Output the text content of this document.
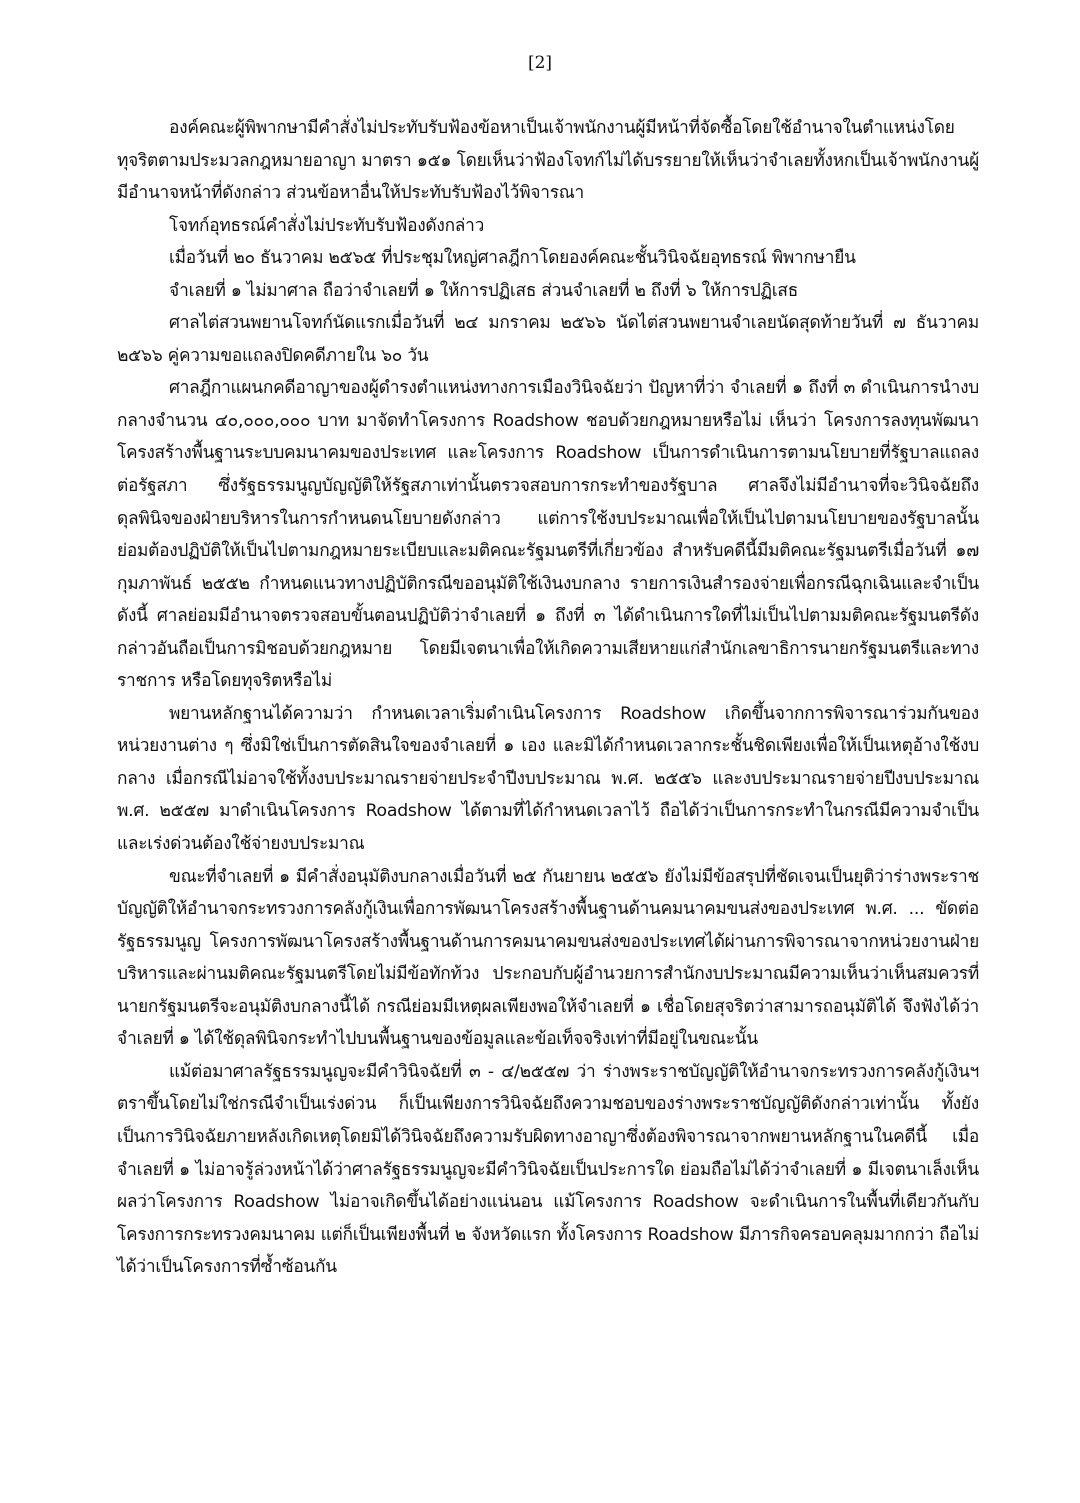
[2]

องค์คณะผู้พิพากษามีคำสั่งไม่ประทับรับฟ้องข้อหาเป็นเจ้าพนักงานผู้มีหน้าที่จัดซื้อโดยใช้อำนาจในตำแหน่งโดยทุจริตตามประมวลกฎหมายอาญา มาตรา ๑๕๑ โดยเห็นว่าฟ้องโจทก์ไม่ได้บรรยายให้เห็นว่าจำเลยทั้งหกเป็นเจ้าพนักงานผู้มีอำนาจหน้าที่ดังกล่าว ส่วนข้อหาอื่นให้ประทับรับฟ้องไว้พิจารณา

โจทก์อุทธรณ์คำสั่งไม่ประทับรับฟ้องดังกล่าว

เมื่อวันที่ ๒๐ ธันวาคม ๒๕๖๕ ที่ประชุมใหญ่ศาลฎีกาโดยองค์คณะชั้นวินิจฉัยอุทธรณ์ พิพากษายืน

จำเลยที่ ๑ ไม่มาศาล ถือว่าจำเลยที่ ๑ ให้การปฏิเสธ ส่วนจำเลยที่ ๒ ถึงที่ ๖ ให้การปฏิเสธ

ศาลไต่สวนพยานโจทก์นัดแรกเมื่อวันที่ ๒๔ มกราคม ๒๕๖๖ นัดไต่สวนพยานจำเลยนัดสุดท้ายวันที่ ๗ ธันวาคม ๒๕๖๖ คู่ความขอแถลงปิดคดีภายใน ๖๐ วัน

ศาลฎีกาแผนกคดีอาญาของผู้ดำรงตำแหน่งทางการเมืองวินิจฉัยว่า ปัญหาที่ว่า จำเลยที่ ๑ ถึงที่ ๓ ดำเนินการนำงบกลางจำนวน ๔๐,๐๐๐,๐๐๐ บาท มาจัดทำโครงการ Roadshow ชอบด้วยกฎหมายหรือไม่ เห็นว่า โครงการลงทุนพัฒนาโครงสร้างพื้นฐานระบบคมนาคมของประเทศ และโครงการ Roadshow เป็นการดำเนินการตามนโยบายที่รัฐบาลแถลงต่อรัฐสภา ซึ่งรัฐธรรมนูญบัญญัติให้รัฐสภาเท่านั้นตรวจสอบการกระทำของรัฐบาล ศาลจึงไม่มีอำนาจที่จะวินิจฉัยถึงดุลพินิจของฝ่ายบริหารในการกำหนดนโยบายดังกล่าว แต่การใช้งบประมาณเพื่อให้เป็นไปตามนโยบายของรัฐบาลนั้น ย่อมต้องปฏิบัติให้เป็นไปตามกฎหมายระเบียบและมติคณะรัฐมนตรีที่เกี่ยวข้อง สำหรับคดีนี้มีมติคณะรัฐมนตรีเมื่อวันที่ ๑๗ กุมภาพันธ์ ๒๕๕๒ กำหนดแนวทางปฏิบัติกรณีขออนุมัติใช้เงินงบกลาง รายการเงินสำรองจ่ายเพื่อกรณีฉุกเฉินและจำเป็น ดังนี้ ศาลย่อมมีอำนาจตรวจสอบขั้นตอนปฏิบัติว่าจำเลยที่ ๑ ถึงที่ ๓ ได้ดำเนินการใดที่ไม่เป็นไปตามมติคณะรัฐมนตรีดังกล่าวอันถือเป็นการมิชอบด้วยกฎหมาย โดยมีเจตนาเพื่อให้เกิดความเสียหายแก่สำนักเลขาธิการนายกรัฐมนตรีและทางราชการ หรือโดยทุจริตหรือไม่

พยานหลักฐานได้ความว่า กำหนดเวลาเริ่มดำเนินโครงการ Roadshow เกิดขึ้นจากการพิจารณาร่วมกันของหน่วยงานต่าง ๆ ซึ่งมิใช่เป็นการตัดสินใจของจำเลยที่ ๑ เอง และมิได้กำหนดเวลากระชั้นชิดเพียงเพื่อให้เป็นเหตุอ้างใช้งบกลาง เมื่อกรณีไม่อาจใช้ทั้งงบประมาณรายจ่ายประจำปีงบประมาณ พ.ศ. ๒๕๕๖ และงบประมาณรายจ่ายปีงบประมาณ พ.ศ. ๒๕๕๗ มาดำเนินโครงการ Roadshow ได้ตามที่ได้กำหนดเวลาไว้ ถือได้ว่าเป็นการกระทำในกรณีมีความจำเป็นและเร่งด่วนต้องใช้จ่ายงบประมาณ

ขณะที่จำเลยที่ ๑ มีคำสั่งอนุมัติงบกลางเมื่อวันที่ ๒๕ กันยายน ๒๕๕๖ ยังไม่มีข้อสรุปที่ชัดเจนเป็นยุติว่าร่างพระราชบัญญัติให้อำนาจกระทรวงการคลังกู้เงินเพื่อการพัฒนาโครงสร้างพื้นฐานด้านคมนาคมขนส่งของประเทศ พ.ศ. ... ขัดต่อรัฐธรรมนูญ โครงการพัฒนาโครงสร้างพื้นฐานด้านการคมนาคมขนส่งของประเทศได้ผ่านการพิจารณาจากหน่วยงานฝ่ายบริหารและผ่านมติคณะรัฐมนตรีโดยไม่มีข้อทักท้วง ประกอบกับผู้อำนวยการสำนักงบประมาณมีความเห็นว่าเห็นสมควรที่นายกรัฐมนตรีจะอนุมัติงบกลางนี้ได้ กรณีย่อมมีเหตุผลเพียงพอให้จำเลยที่ ๑ เชื่อโดยสุจริตว่าสามารถอนุมัติได้ จึงฟังได้ว่า จำเลยที่ ๑ ได้ใช้ดุลพินิจกระทำไปบนพื้นฐานของข้อมูลและข้อเท็จจริงเท่าที่มีอยู่ในขณะนั้น

แม้ต่อมาศาลรัฐธรรมนูญจะมีคำวินิจฉัยที่ ๓ - ๔/๒๕๕๗ ว่า ร่างพระราชบัญญัติให้อำนาจกระทรวงการคลังกู้เงินฯ ตราขึ้นโดยไม่ใช่กรณีจำเป็นเร่งด่วน ก็เป็นเพียงการวินิจฉัยถึงความชอบของร่างพระราชบัญญัติดังกล่าวเท่านั้น ทั้งยังเป็นการวินิจฉัยภายหลังเกิดเหตุโดยมิได้วินิจฉัยถึงความรับผิดทางอาญาซึ่งต้องพิจารณาจากพยานหลักฐานในคดีนี้ เมื่อจำเลยที่ ๑ ไม่อาจรู้ล่วงหน้าได้ว่าศาลรัฐธรรมนูญจะมีคำวินิจฉัยเป็นประการใด ย่อมถือไม่ได้ว่าจำเลยที่ ๑ มีเจตนาเล็งเห็นผลว่าโครงการ Roadshow ไม่อาจเกิดขึ้นได้อย่างแน่นอน แม้โครงการ Roadshow จะดำเนินการในพื้นที่เดียวกันกับโครงการกระทรวงคมนาคม แต่ก็เป็นเพียงพื้นที่ ๒ จังหวัดแรก ทั้งโครงการ Roadshow มีภารกิจครอบคลุมมากกว่า ถือไม่ได้ว่าเป็นโครงการที่ซ้ำซ้อนกัน
